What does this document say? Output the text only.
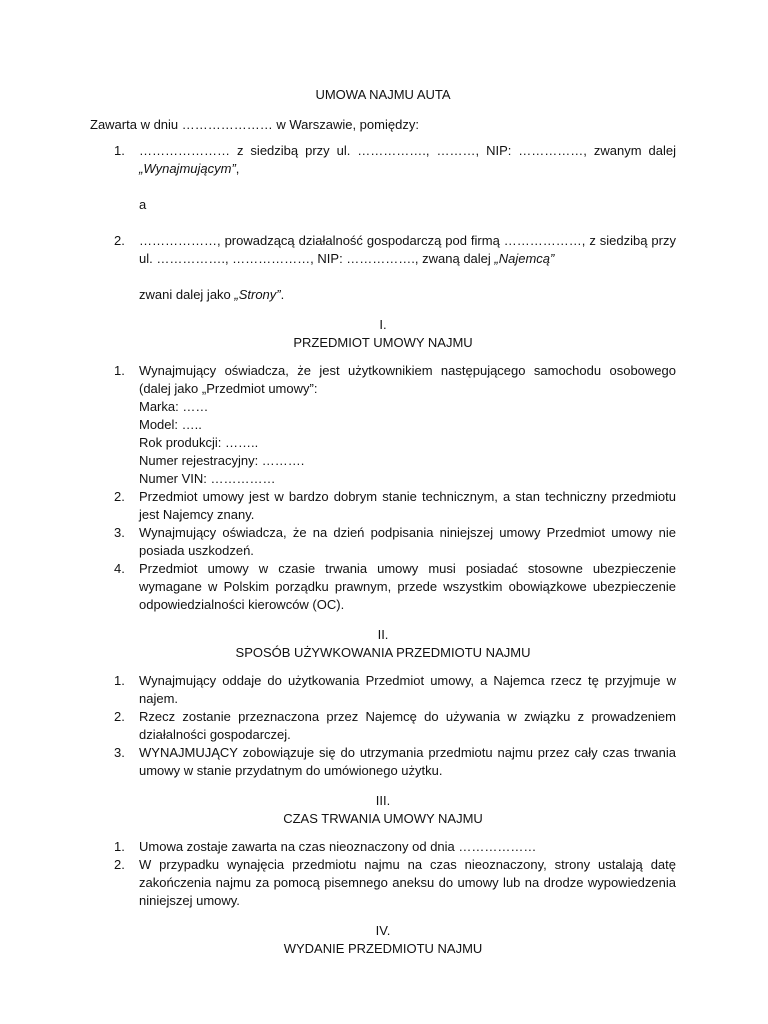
UMOWA NAJMU AUTA

Zawarta w dniu ………………… w Warszawie, pomiędzy:

1. ………………… z siedzibą przy ul. ……………., ………, NIP: ……………, zwanym dalej „Wynajmującym”,

a

2. ………………, prowadzącą działalność gospodarczą pod firmą ………………, z siedzibą przy ul. ……………., ………………, NIP: ……………., zwaną dalej „Najemcą”

zwani dalej jako „Strony”.

I.

PRZEDMIOT UMOWY NAJMU

1. Wynajmujący oświadcza, że jest użytkownikiem następującego samochodu osobowego (dalej jako „Przedmiot umowy”:
Marka: ……
Model: …..
Rok produkcji: ……..
Numer rejestracyjny: ……….
Numer VIN: ……………
2. Przedmiot umowy jest w bardzo dobrym stanie technicznym, a stan techniczny przedmiotu jest Najemcy znany.
3. Wynajmujący oświadcza, że na dzień podpisania niniejszej umowy Przedmiot umowy nie posiada uszkodzeń.
4. Przedmiot umowy w czasie trwania umowy musi posiadać stosowne ubezpieczenie wymagane w Polskim porządku prawnym, przede wszystkim obowiązkowe ubezpieczenie odpowiedzialności kierowców (OC).

II.

SPOSÓB UŻYWKOWANIA PRZEDMIOTU NAJMU

1. Wynajmujący oddaje do użytkowania Przedmiot umowy, a Najemca rzecz tę przyjmuje w najem.
2. Rzecz zostanie przeznaczona przez Najemcę do używania w związku z prowadzeniem działalności gospodarczej.
3. WYNAJMUJĄCY zobowiązuje się do utrzymania przedmiotu najmu przez cały czas trwania umowy w stanie przydatnym do umówionego użytku.

III.

CZAS TRWANIA UMOWY NAJMU

1. Umowa zostaje zawarta na czas nieoznaczony od dnia ………………
2. W przypadku wynajęcia przedmiotu najmu na czas nieoznaczony, strony ustalają datę zakończenia najmu za pomocą pisemnego aneksu do umowy lub na drodze wypowiedzenia niniejszej umowy.

IV.

WYDANIE PRZEDMIOTU NAJMU
